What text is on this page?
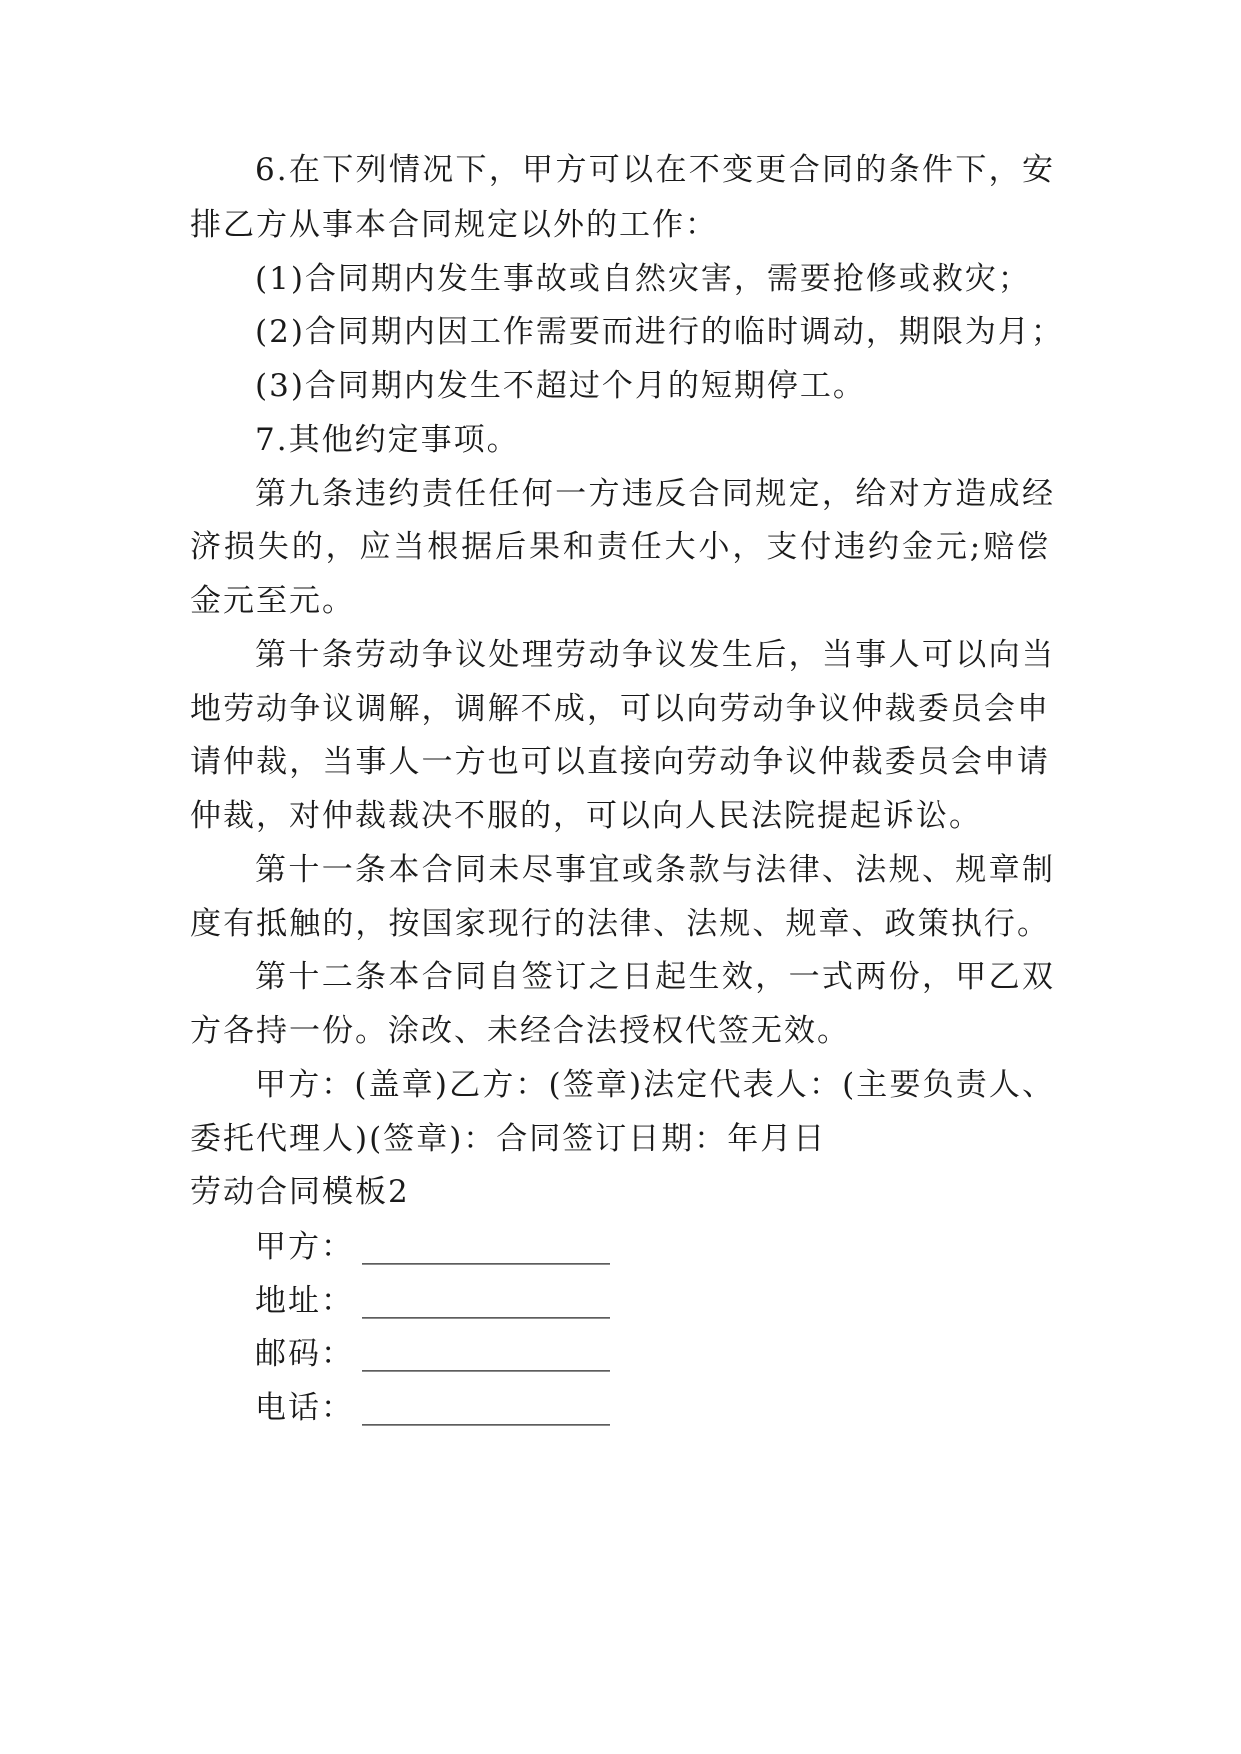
6.在下列情况下，甲方可以在不变更合同的条件下，安
排乙方从事本合同规定以外的工作：
(1)合同期内发生事故或自然灾害，需要抢修或救灾；
(2)合同期内因工作需要而进行的临时调动，期限为月；
(3)合同期内发生不超过个月的短期停工。
7.其他约定事项。
第九条违约责任任何一方违反合同规定，给对方造成经
济损失的，应当根据后果和责任大小，支付违约金元;赔偿
金元至元。
第十条劳动争议处理劳动争议发生后，当事人可以向当
地劳动争议调解，调解不成，可以向劳动争议仲裁委员会申
请仲裁，当事人一方也可以直接向劳动争议仲裁委员会申请
仲裁，对仲裁裁决不服的，可以向人民法院提起诉讼。
第十一条本合同未尽事宜或条款与法律、法规、规章制
度有抵触的，按国家现行的法律、法规、规章、政策执行。
第十二条本合同自签订之日起生效，一式两份，甲乙双
方各持一份。涂改、未经合法授权代签无效。
甲方：(盖章)乙方：(签章)法定代表人：(主要负责人、
委托代理人)(签章)：合同签订日期：年月日
劳动合同模板2
甲方： ________________
地址： ________________
邮码： ________________
电话： ________________
